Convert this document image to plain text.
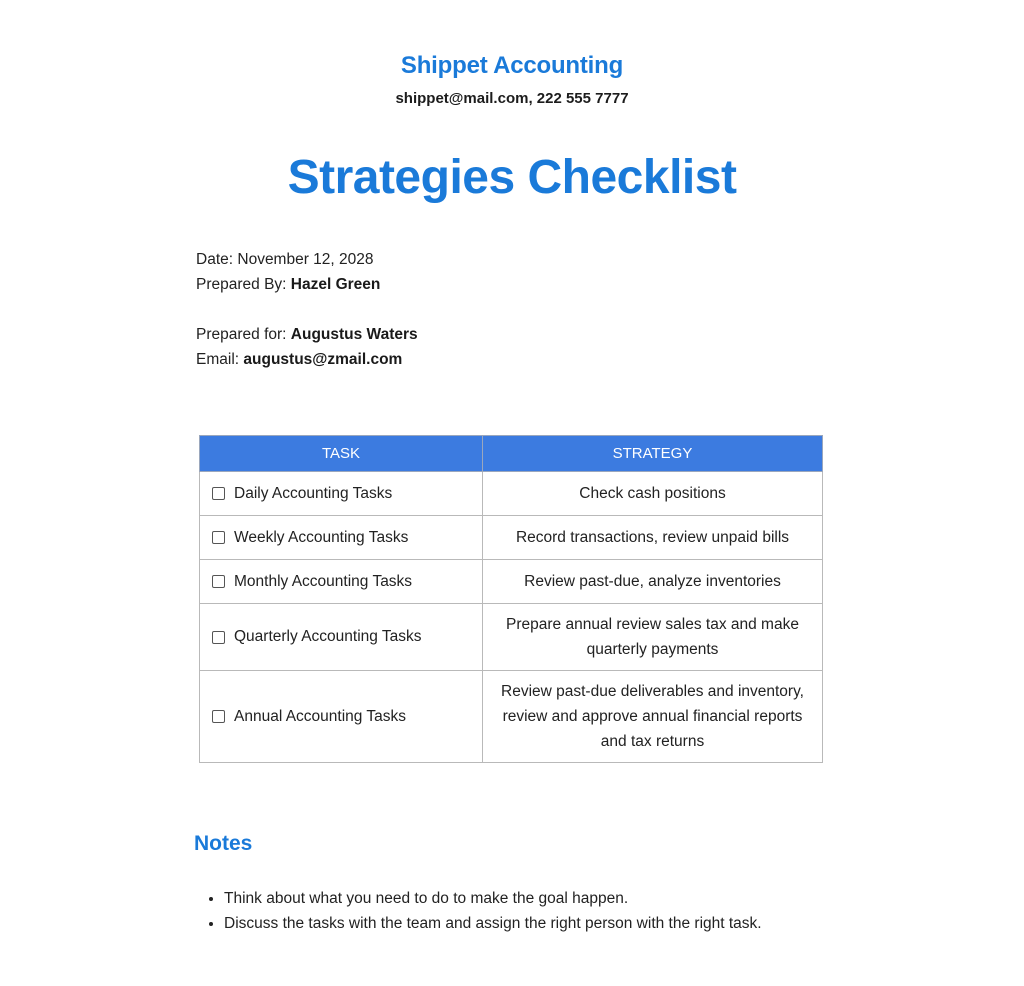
Shippet Accounting
shippet@mail.com, 222 555 7777
Strategies Checklist
Date: November 12, 2028
Prepared By: Hazel Green
Prepared for: Augustus Waters
Email: augustus@zmail.com
TASK	STRATEGY

Daily Accounting Tasks	Check cash positions

Weekly Accounting Tasks	Record transactions, review unpaid bills

Monthly Accounting Tasks	Review past-due, analyze inventories

Quarterly Accounting Tasks	Prepare annual review sales tax and make quarterly payments

Annual Accounting Tasks	Review past-due deliverables and inventory, review and approve annual financial reports and tax returns
Notes
• Think about what you need to do to make the goal happen.
• Discuss the tasks with the team and assign the right person with the right task.
